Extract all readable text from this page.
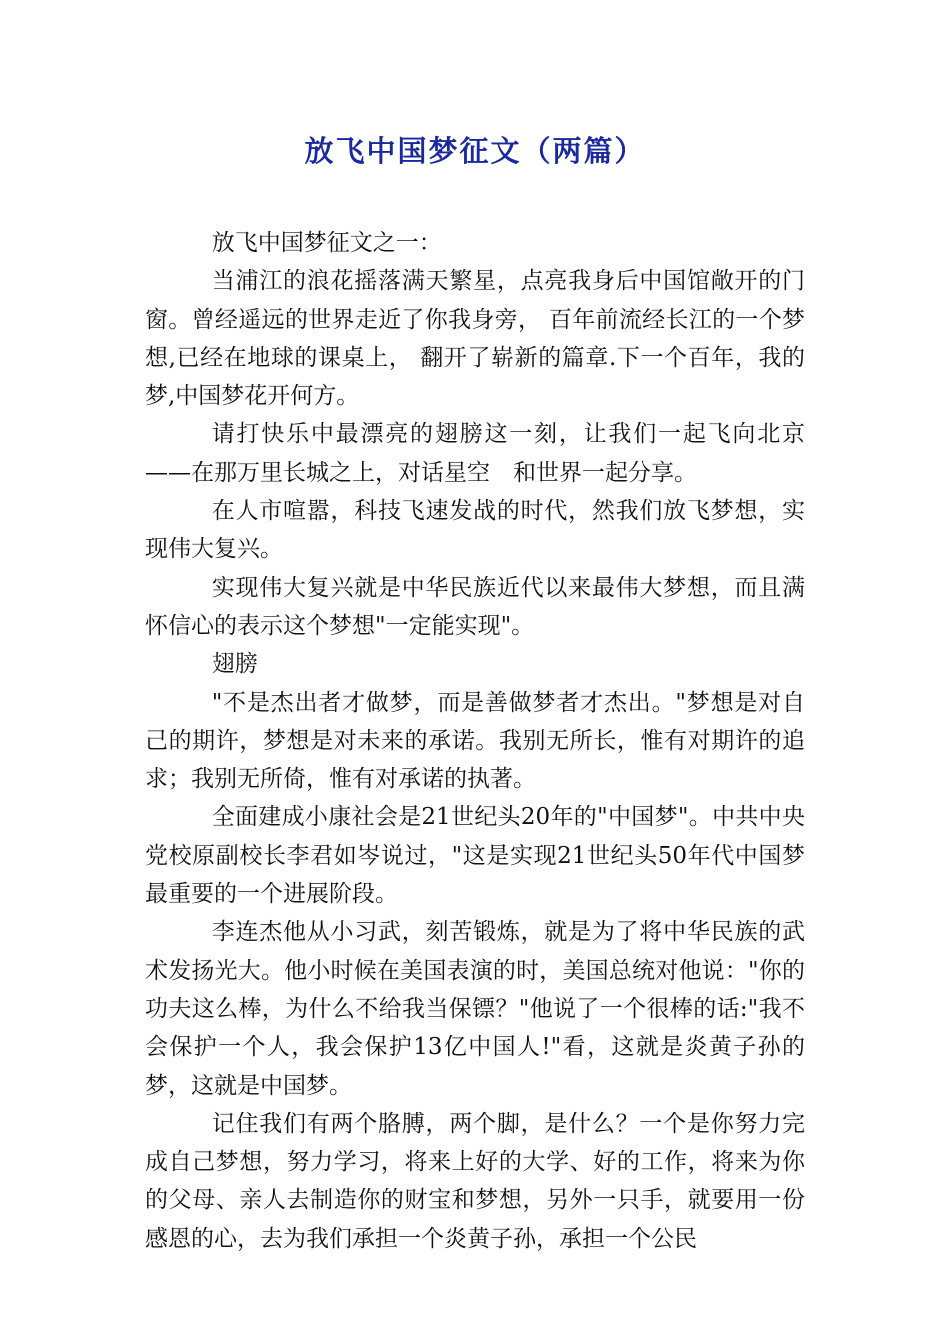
放飞中国梦征文（两篇）

放飞中国梦征文之一：

当浦江的浪花摇落满天繁星，点亮我身后中国馆敞开的门窗。曾经遥远的世界走近了你我身旁， 百年前流经长江的一个梦想,已经在地球的课桌上， 翻开了崭新的篇章.下一个百年，我的梦,中国梦花开何方。

请打快乐中最漂亮的翅膀这一刻，让我们一起飞向北京——在那万里长城之上，对话星空　和世界一起分享。

在人市喧嚣，科技飞速发战的时代，然我们放飞梦想，实现伟大复兴。

实现伟大复兴就是中华民族近代以来最伟大梦想，而且满怀信心的表示这个梦想"一定能实现"。

翅膀

"不是杰出者才做梦，而是善做梦者才杰出。"梦想是对自己的期许，梦想是对未来的承诺。我别无所长，惟有对期许的追求；我别无所倚，惟有对承诺的执著。

全面建成小康社会是21世纪头20年的"中国梦"。中共中央党校原副校长李君如岑说过，"这是实现21世纪头50年代中国梦最重要的一个进展阶段。

李连杰他从小习武，刻苦锻炼，就是为了将中华民族的武术发扬光大。他小时候在美国表演的时，美国总统对他说："你的功夫这么棒，为什么不给我当保镖？"他说了一个很棒的话:"我不会保护一个人，我会保护13亿中国人!"看，这就是炎黄子孙的梦，这就是中国梦。

记住我们有两个胳膊，两个脚，是什么？一个是你努力完成自己梦想，努力学习，将来上好的大学、好的工作，将来为你的父母、亲人去制造你的财宝和梦想，另外一只手，就要用一份感恩的心，去为我们承担一个炎黄子孙，承担一个公民
